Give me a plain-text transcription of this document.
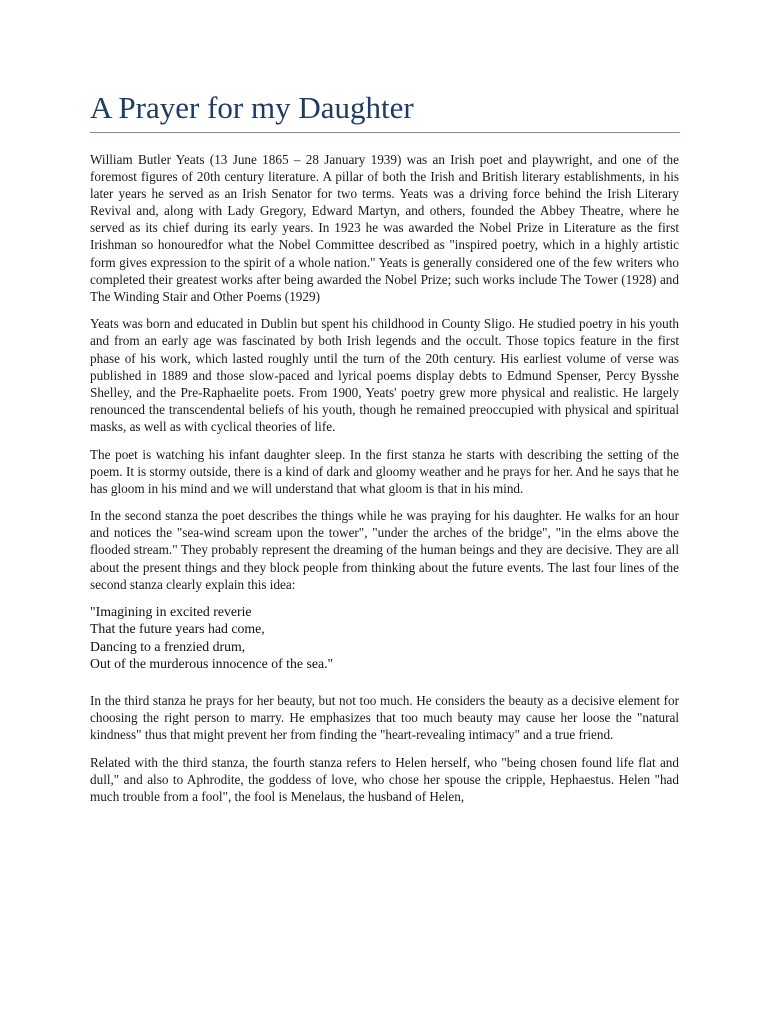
A Prayer for my Daughter

William Butler Yeats (13 June 1865 – 28 January 1939) was an Irish poet and playwright, and one of the foremost figures of 20th century literature. A pillar of both the Irish and British literary establishments, in his later years he served as an Irish Senator for two terms. Yeats was a driving force behind the Irish Literary Revival and, along with Lady Gregory, Edward Martyn, and others, founded the Abbey Theatre, where he served as its chief during its early years. In 1923 he was awarded the Nobel Prize in Literature as the first Irishman so honouredfor what the Nobel Committee described as "inspired poetry, which in a highly artistic form gives expression to the spirit of a whole nation." Yeats is generally considered one of the few writers who completed their greatest works after being awarded the Nobel Prize; such works include The Tower (1928) and The Winding Stair and Other Poems (1929)

Yeats was born and educated in Dublin but spent his childhood in County Sligo. He studied poetry in his youth and from an early age was fascinated by both Irish legends and the occult. Those topics feature in the first phase of his work, which lasted roughly until the turn of the 20th century. His earliest volume of verse was published in 1889 and those slow-paced and lyrical poems display debts to Edmund Spenser, Percy Bysshe Shelley, and the Pre-Raphaelite poets. From 1900, Yeats' poetry grew more physical and realistic. He largely renounced the transcendental beliefs of his youth, though he remained preoccupied with physical and spiritual masks, as well as with cyclical theories of life.

The poet is watching his infant daughter sleep. In the first stanza he starts with describing the setting of the poem. It is stormy outside, there is a kind of dark and gloomy weather and he prays for her. And he says that he has gloom in his mind and we will understand that what gloom is that in his mind.

In the second stanza the poet describes the things while he was praying for his daughter. He walks for an hour and notices the "sea-wind scream upon the tower", "under the arches of the bridge", "in the elms above the flooded stream." They probably represent the dreaming of the human beings and they are decisive. They are all about the present things and they block people from thinking about the future events. The last four lines of the second stanza clearly explain this idea:

"Imagining in excited reverie
That the future years had come,
Dancing to a frenzied drum,
Out of the murderous innocence of the sea."

In the third stanza he prays for her beauty, but not too much. He considers the beauty as a decisive element for choosing the right person to marry. He emphasizes that too much beauty may cause her loose the "natural kindness" thus that might prevent her from finding the "heart-revealing intimacy" and a true friend.

Related with the third stanza, the fourth stanza refers to Helen herself, who "being chosen found life flat and dull," and also to Aphrodite, the goddess of love, who chose her spouse the cripple, Hephaestus. Helen "had much trouble from a fool", the fool is Menelaus, the husband of Helen,
